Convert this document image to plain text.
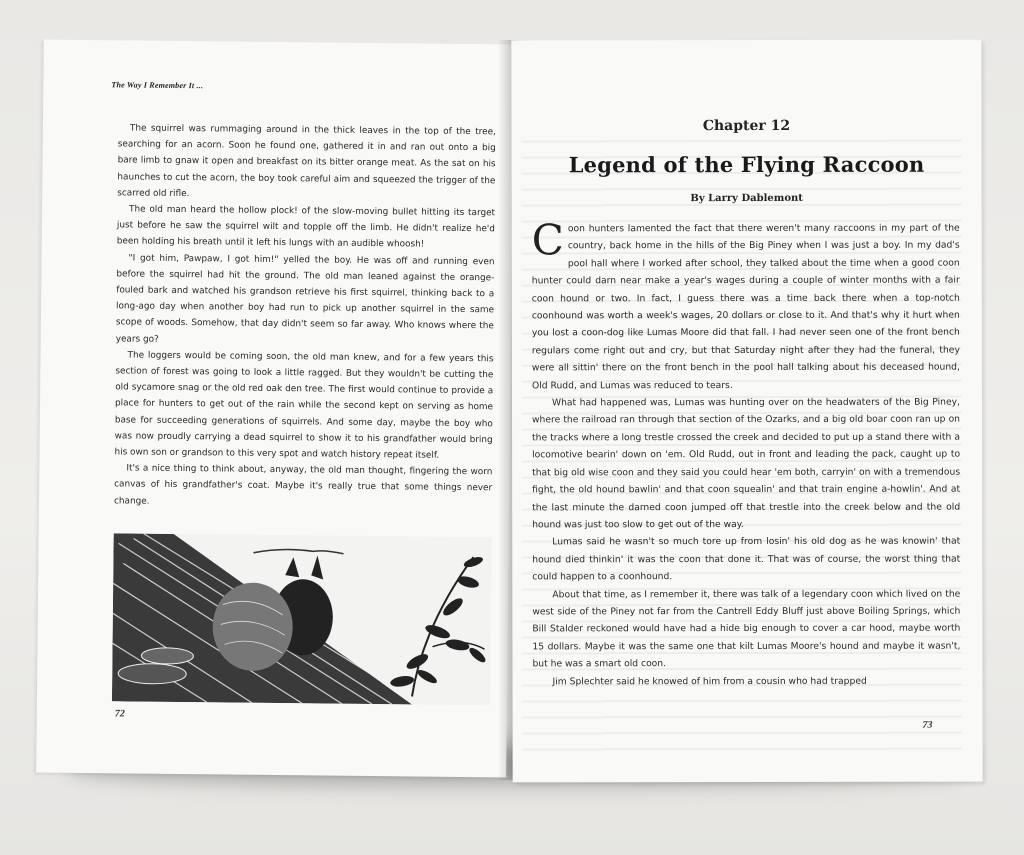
The Way I Remember It ...

The squirrel was rummaging around in the thick leaves in the top of the tree, searching for an acorn. Soon he found one, gathered it in and ran out onto a big bare limb to gnaw it open and breakfast on its bitter orange meat. As the sat on his haunches to cut the acorn, the boy took careful aim and squeezed the trigger of the scarred old rifle.

The old man heard the hollow plock! of the slow-moving bullet hitting its target just before he saw the squirrel wilt and topple off the limb. He didn't realize he'd been holding his breath until it left his lungs with an audible whoosh!

"I got him, Pawpaw, I got him!" yelled the boy. He was off and running even before the squirrel had hit the ground. The old man leaned against the orange-fouled bark and watched his grandson retrieve his first squirrel, thinking back to a long-ago day when another boy had run to pick up another squirrel in the same scope of woods. Somehow, that day didn't seem so far away. Who knows where the years go?

The loggers would be coming soon, the old man knew, and for a few years this section of forest was going to look a little ragged. But they wouldn't be cutting the old sycamore snag or the old red oak den tree. The first would continue to provide a place for hunters to get out of the rain while the second kept on serving as home base for succeeding generations of squirrels. And some day, maybe the boy who was now proudly carrying a dead squirrel to show it to his grandfather would bring his own son or grandson to this very spot and watch history repeat itself.

It's a nice thing to think about, anyway, the old man thought, fingering the worn canvas of his grandfather's coat. Maybe it's really true that some things never change.

72
Chapter 12
Legend of the Flying Raccoon
By Larry Dablemont

Coon hunters lamented the fact that there weren't many raccoons in my part of the country, back home in the hills of the Big Piney when I was just a boy. In my dad's pool hall where I worked after school, they talked about the time when a good coon hunter could darn near make a year's wages during a couple of winter months with a fair coon hound or two. In fact, I guess there was a time back there when a top-notch coonhound was worth a week's wages, 20 dollars or close to it. And that's why it hurt when you lost a coon-dog like Lumas Moore did that fall. I had never seen one of the front bench regulars come right out and cry, but that Saturday night after they had the funeral, they were all sittin' there on the front bench in the pool hall talking about his deceased hound, Old Rudd, and Lumas was reduced to tears.

What had happened was, Lumas was hunting over on the headwaters of the Big Piney, where the railroad ran through that section of the Ozarks, and a big old boar coon ran up on the tracks where a long trestle crossed the creek and decided to put up a stand there with a locomotive bearin' down on 'em. Old Rudd, out in front and leading the pack, caught up to that big old wise coon and they said you could hear 'em both, carryin' on with a tremendous fight, the old hound bawlin' and that coon squealin' and that train engine a-howlin'. And at the last minute the darned coon jumped off that trestle into the creek below and the old hound was just too slow to get out of the way.

Lumas said he wasn't so much tore up from losin' his old dog as he was knowin' that hound died thinkin' it was the coon that done it. That was of course, the worst thing that could happen to a coonhound.

About that time, as I remember it, there was talk of a legendary coon which lived on the west side of the Piney not far from the Cantrell Eddy Bluff just above Boiling Springs, which Bill Stalder reckoned would have had a hide big enough to cover a car hood, maybe worth 15 dollars. Maybe it was the same one that kilt Lumas Moore's hound and maybe it wasn't, but he was a smart old coon.

Jim Splechter said he knowed of him from a cousin who had trapped

73
